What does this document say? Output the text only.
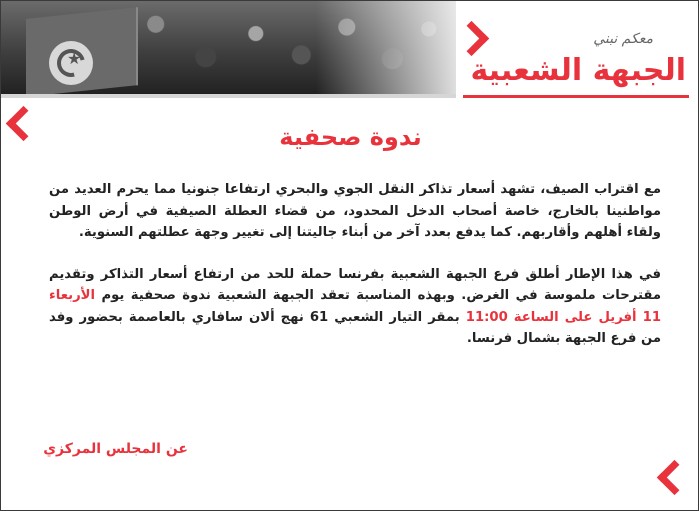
★
معكم نبني
الجبهة الشعبية
ندوة صحفية

مع اقتراب الصيف، تشهد أسعار تذاكر النقل الجوي والبحري ارتفاعا جنونيا مما يحرم العديد من مواطنينا بالخارج، خاصة أصحاب الدخل المحدود، من قضاء العطلة الصيفية في أرض الوطن ولقاء أهلهم وأقاربهم. كما يدفع بعدد آخر من أبناء جاليتنا إلى تغيير وجهة عطلتهم السنوية.

في هذا الإطار أطلق فرع الجبهة الشعبية بفرنسا حملة للحد من ارتفاع أسعار التذاكر وتقديم مقترحات ملموسة في الغرض. وبهذه المناسبة تعقد الجبهة الشعبية ندوة صحفية يوم الأربعاء 11 أفريل على الساعة 11:00 بمقر التيار الشعبي 61 نهج ألان سافاري بالعاصمة بحضور وفد من فرع الجبهة بشمال فرنسا.

عن المجلس المركزي
